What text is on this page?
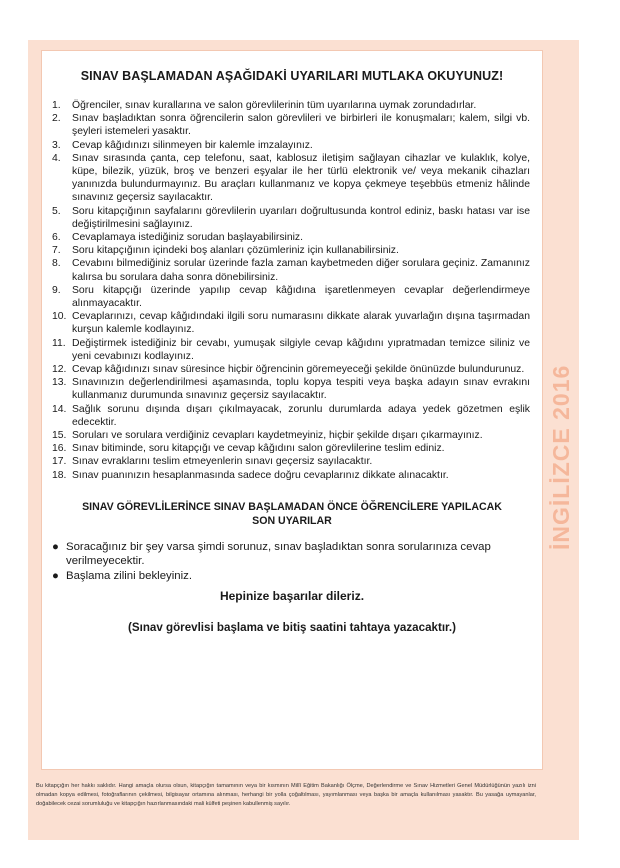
SINAV BAŞLAMADAN AŞAĞIDAKİ UYARILARI MUTLAKA OKUYUNUZ!
1.	Öğrenciler, sınav kurallarına ve salon görevlilerinin tüm uyarılarına uymak zorundadırlar.
2.	Sınav başladıktan sonra öğrencilerin salon görevlileri ve birbirleri ile konuşmaları; kalem, silgi vb. şeyleri istemeleri yasaktır.
3.	Cevap kâğıdınızı silinmeyen bir kalemle imzalayınız.
4.	Sınav sırasında çanta, cep telefonu, saat, kablosuz iletişim sağlayan cihazlar ve kulaklık, kolye, küpe, bilezik, yüzük, broş ve benzeri eşyalar ile her türlü elektronik ve/ veya mekanik cihazları yanınızda bulundurmayınız. Bu araçları kullanmanız ve kopya çekmeye teşebbüs etmeniz hâlinde sınavınız geçersiz sayılacaktır.
5.	Soru kitapçığının sayfalarını görevlilerin uyarıları doğrultusunda kontrol ediniz, baskı hatası var ise değiştirilmesini sağlayınız.
6.	Cevaplamaya istediğiniz sorudan başlayabilirsiniz.
7.	Soru kitapçığının içindeki boş alanları çözümleriniz için kullanabilirsiniz.
8.	Cevabını bilmediğiniz sorular üzerinde fazla zaman kaybetmeden diğer sorulara geçiniz. Zamanınız kalırsa bu sorulara daha sonra dönebilirsiniz.
9.	Soru kitapçığı üzerinde yapılıp cevap kâğıdına işaretlenmeyen cevaplar değerlendirmeye alınmayacaktır.
10. Cevaplarınızı, cevap kâğıdındaki ilgili soru numarasını dikkate alarak yuvarlağın dışına taşırmadan kurşun kalemle kodlayınız.
11. Değiştirmek istediğiniz bir cevabı, yumuşak silgiyle cevap kâğıdını yıpratmadan temizce siliniz ve yeni cevabınızı kodlayınız.
12. Cevap kâğıdınızı sınav süresince hiçbir öğrencinin göremeyeceği şekilde önünüzde bulundurunuz.
13. Sınavınızın değerlendirilmesi aşamasında, toplu kopya tespiti veya başka adayın sınav evrakını kullanmanız durumunda sınavınız geçersiz sayılacaktır.
14. Sağlık sorunu dışında dışarı çıkılmayacak, zorunlu durumlarda adaya yedek gözetmen eşlik edecektir.
15. Soruları ve sorulara verdiğiniz cevapları kaydetmeyiniz, hiçbir şekilde dışarı çıkarmayınız.
16. Sınav bitiminde, soru kitapçığı ve cevap kâğıdını salon görevlilerine teslim ediniz.
17. Sınav evraklarını teslim etmeyenlerin sınavı geçersiz sayılacaktır.
18. Sınav puanınızın hesaplanmasında sadece doğru cevaplarınız dikkate alınacaktır.
SINAV GÖREVLİLERİNCE SINAV BAŞLAMADAN ÖNCE ÖĞRENCİLERE YAPILACAK
SON UYARILAR
● Soracağınız bir şey varsa şimdi sorunuz, sınav başladıktan sonra sorularınıza cevap verilmeyecektir.
● Başlama zilini bekleyiniz.
Hepinize başarılar dileriz.
(Sınav görevlisi başlama ve bitiş saatini tahtaya yazacaktır.)
İNGİLİZCE 2016
Bu kitapçığın her hakkı saklıdır. Hangi amaçla olursa olsun, kitapçığın tamamının veya bir kısmının Millî Eğitim Bakanlığı Ölçme, Değerlendirme ve Sınav Hizmetleri Genel Müdürlüğünün yazılı izni olmadan kopya edilmesi, fotoğraflarının çekilmesi, bilgisayar ortamına alınması, herhangi bir yolla çoğaltılması, yayımlanması veya başka bir amaçla kullanılması yasaktır. Bu yasağa uymayanlar, doğabilecek cezai sorumluluğu ve kitapçığın hazırlanmasındaki mali külfeti peşinen kabullenmiş sayılır.
